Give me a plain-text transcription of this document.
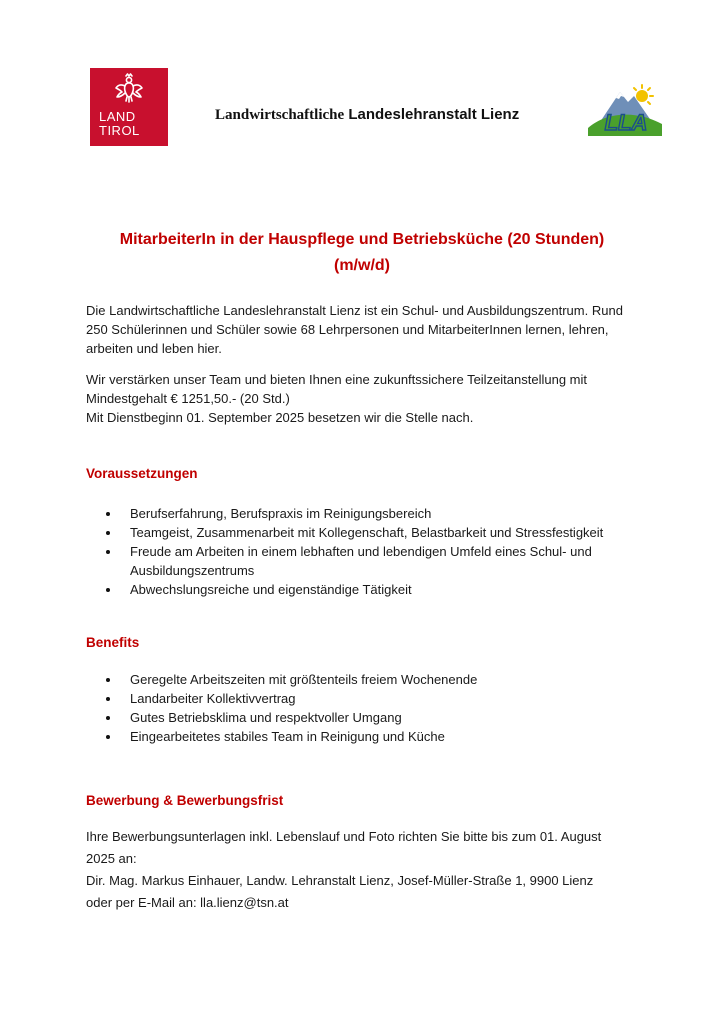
LAND
TIROL
Landwirtschaftliche Landeslehranstalt Lienz	LLA
MitarbeiterIn in der Hauspflege und Betriebsküche (20 Stunden)
(m/w/d)
Die Landwirtschaftliche Landeslehranstalt Lienz ist ein Schul- und Ausbildungszentrum. Rund 250 Schülerinnen und Schüler sowie 68 Lehrpersonen und MitarbeiterInnen lernen, lehren, arbeiten und leben hier.
Wir verstärken unser Team und bieten Ihnen eine zukunftssichere Teilzeitanstellung mit
Mindestgehalt € 1251,50.- (20 Std.)
Mit Dienstbeginn 01. September 2025 besetzen wir die Stelle nach.
Voraussetzungen
Berufserfahrung, Berufspraxis im Reinigungsbereich
Teamgeist, Zusammenarbeit mit Kollegenschaft, Belastbarkeit und Stressfestigkeit
Freude am Arbeiten in einem lebhaften und lebendigen Umfeld eines Schul- und Ausbildungszentrums
Abwechslungsreiche und eigenständige Tätigkeit
Benefits
Geregelte Arbeitszeiten mit größtenteils freiem Wochenende
Landarbeiter Kollektivvertrag
Gutes Betriebsklima und respektvoller Umgang
Eingearbeitetes stabiles Team in Reinigung und Küche
Bewerbung & Bewerbungsfrist
Ihre Bewerbungsunterlagen inkl. Lebenslauf und Foto richten Sie bitte bis zum 01. August
2025 an:
Dir. Mag. Markus Einhauer, Landw. Lehranstalt Lienz, Josef-Müller-Straße 1, 9900 Lienz
oder per E-Mail an: lla.lienz@tsn.at
